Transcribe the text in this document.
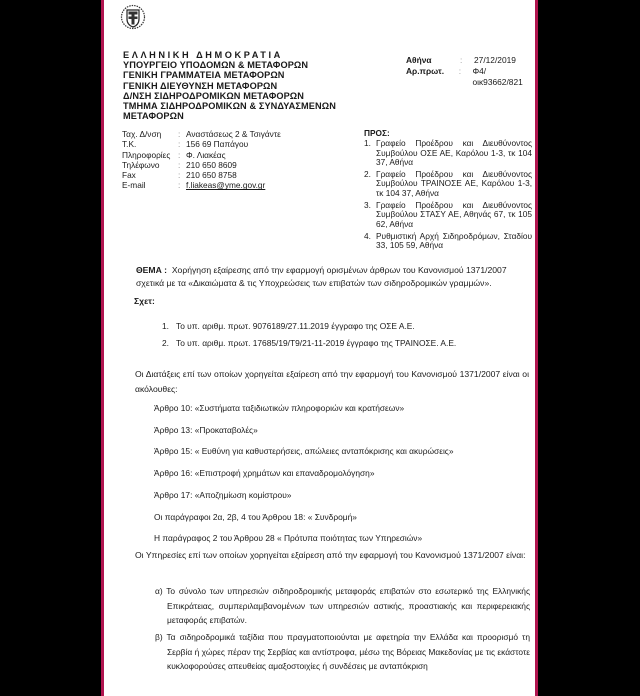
ΕΛΛΗΝΙΚΗ ΔΗΜΟΚΡΑΤΙΑ
ΥΠΟΥΡΓΕΙΟ ΥΠΟΔΟΜΩΝ & ΜΕΤΑΦΟΡΩΝ
ΓΕΝΙΚΗ ΓΡΑΜΜΑΤΕΙΑ ΜΕΤΑΦΟΡΩΝ
ΓΕΝΙΚΗ ΔΙΕΥΘΥΝΣΗ ΜΕΤΑΦΟΡΩΝ
Δ/ΝΣΗ ΣΙΔΗΡΟΔΡΟΜΙΚΩΝ ΜΕΤΑΦΟΡΩΝ
ΤΜΗΜΑ ΣΙΔΗΡΟΔΡΟΜΙΚΩΝ & ΣΥΝΔΥΑΣΜΕΝΩΝ
ΜΕΤΑΦΟΡΩΝ
Αθήνα	:	27/12/2019
Αρ.πρωτ.	:	Φ4/οικ93662/821
Ταχ. Δ/νση	: Αναστάσεως 2 & Τσιγάντε
Τ.Κ.	: 156 69 Παπάγου
Πληροφορίες : Φ. Λιακέας
Τηλέφωνο	: 210 650 8609
Fax	: 210 650 8758
E-mail	: f.liakeas@yme.gov.gr
ΠΡΟΣ:
1. Γραφείο Προέδρου και Διευθύνοντος Συμβούλου ΟΣΕ ΑΕ, Καρόλου 1-3, τκ 104 37, Αθήνα
2. Γραφείο Προέδρου και Διευθύνοντος Συμβούλου ΤΡΑΙΝΟΣΕ ΑΕ, Καρόλου 1-3, τκ 104 37, Αθήνα
3. Γραφείο Προέδρου και Διευθύνοντος Συμβούλου ΣΤΑΣΥ ΑΕ, Αθηνάς 67, τκ 105 62, Αθήνα
4. Ρυθμιστική Αρχή Σιδηροδρόμων, Σταδίου 33, 105 59, Αθήνα
ΘΕΜΑ : Χορήγηση εξαίρεσης από την εφαρμογή ορισμένων άρθρων του Κανονισμού 1371/2007
σχετικά με τα «Δικαιώματα & τις Υποχρεώσεις των επιβατών των σιδηροδρομικών γραμμών».
Σχετ:
1. Το υπ. αριθμ. πρωτ. 9076189/27.11.2019 έγγραφο της ΟΣΕ Α.Ε.
2. Το υπ. αριθμ. πρωτ. 17685/19/Τ9/21-11-2019 έγγραφο της ΤΡΑΙΝΟΣΕ. Α.Ε.
Οι Διατάξεις επί των οποίων χορηγείται εξαίρεση από την εφαρμογή του Κανονισμού 1371/2007 είναι οι ακόλουθες:
Άρθρο 10: «Συστήματα ταξιδιωτικών πληροφοριών και κρατήσεων»
Άρθρο 13: «Προκαταβολές»
Άρθρο 15: « Ευθύνη για καθυστερήσεις, απώλειες ανταπόκρισης και ακυρώσεις»
Άρθρο 16: «Επιστροφή χρημάτων και επαναδρομολόγηση»
Άρθρο 17: «Αποζημίωση κομίστρου»
Οι παράγραφοι 2α, 2β, 4 του Άρθρου 18: « Συνδρομή»
Η παράγραφος 2 του Άρθρου 28 « Πρότυπα ποιότητας των Υπηρεσιών»
Οι Υπηρεσίες επί των οποίων χορηγείται εξαίρεση από την εφαρμογή του Κανονισμού 1371/2007 είναι:
α) Το σύνολο των υπηρεσιών σιδηροδρομικής μεταφοράς επιβατών στο εσωτερικό της Ελληνικής Επικράτειας, συμπεριλαμβανομένων των υπηρεσιών αστικής, προαστιακής και περιφερειακής μεταφοράς επιβατών.
β) Τα σιδηροδρομικά ταξίδια που πραγματοποιούνται με αφετηρία την Ελλάδα και προορισμό τη Σερβία ή χώρες πέραν της Σερβίας και αντίστροφα, μέσω της Βόρειας Μακεδονίας με τις εκάστοτε κυκλοφορούσες απευθείας αμαξοστοιχίες ή συνδέσεις με ανταπόκριση
